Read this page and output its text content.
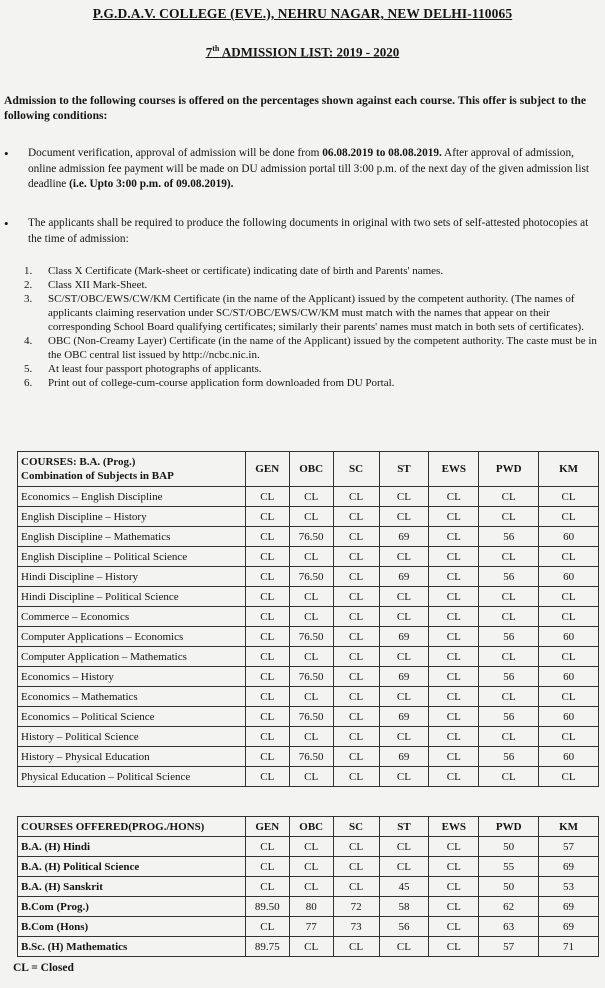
P.G.D.A.V. COLLEGE (EVE.), NEHRU NAGAR, NEW DELHI-110065
7th ADMISSION LIST: 2019 - 2020
Admission to the following courses is offered on the percentages shown against each course. This offer is subject to the following conditions:
• Document verification, approval of admission will be done from 06.08.2019 to 08.08.2019. After approval of admission, online admission fee payment will be made on DU admission portal till 3:00 p.m. of the next day of the given admission list deadline (i.e. Upto 3:00 p.m. of 09.08.2019).
• The applicants shall be required to produce the following documents in original with two sets of self-attested photocopies at the time of admission:
1. Class X Certificate (Mark-sheet or certificate) indicating date of birth and Parents' names.
2. Class XII Mark-Sheet.
3. SC/ST/OBC/EWS/CW/KM Certificate (in the name of the Applicant) issued by the competent authority. (The names of applicants claiming reservation under SC/ST/OBC/EWS/CW/KM must match with the names that appear on their corresponding School Board qualifying certificates; similarly their parents' names must match in both sets of certificates).
4. OBC (Non-Creamy Layer) Certificate (in the name of the Applicant) issued by the competent authority. The caste must be in the OBC central list issued by http://ncbc.nic.in.
5. At least four passport photographs of applicants.
6. Print out of college-cum-course application form downloaded from DU Portal.
COURSES: B.A. (Prog.)
Combination of Subjects in BAP	GEN	OBC	SC	ST	EWS	PWD	KM
Economics – English Discipline	CL	CL	CL	CL	CL	CL	CL
English Discipline – History	CL	CL	CL	CL	CL	CL	CL
English Discipline – Mathematics	CL	76.50	CL	69	CL	56	60
English Discipline – Political Science	CL	CL	CL	CL	CL	CL	CL
Hindi Discipline – History	CL	76.50	CL	69	CL	56	60
Hindi Discipline – Political Science	CL	CL	CL	CL	CL	CL	CL
Commerce – Economics	CL	CL	CL	CL	CL	CL	CL
Computer Applications – Economics	CL	76.50	CL	69	CL	56	60
Computer Application – Mathematics	CL	CL	CL	CL	CL	CL	CL
Economics – History	CL	76.50	CL	69	CL	56	60
Economics – Mathematics	CL	CL	CL	CL	CL	CL	CL
Economics – Political Science	CL	76.50	CL	69	CL	56	60
History – Political Science	CL	CL	CL	CL	CL	CL	CL
History – Physical Education	CL	76.50	CL	69	CL	56	60
Physical Education – Political Science	CL	CL	CL	CL	CL	CL	CL
COURSES OFFERED(PROG./HONS)	GEN	OBC	SC	ST	EWS	PWD	KM
B.A. (H) Hindi	CL	CL	CL	CL	CL	50	57
B.A. (H) Political Science	CL	CL	CL	CL	CL	55	69
B.A. (H) Sanskrit	CL	CL	CL	45	CL	50	53
B.Com (Prog.)	89.50	80	72	58	CL	62	69
B.Com (Hons)	CL	77	73	56	CL	63	69
B.Sc. (H) Mathematics	89.75	CL	CL	CL	CL	57	71
CL = Closed
